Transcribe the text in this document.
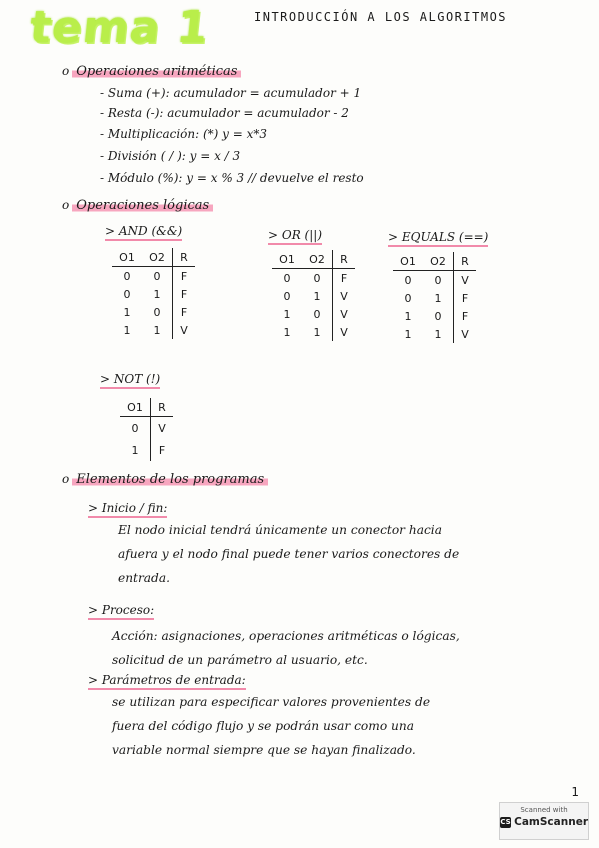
tema 1	INTRODUCCIÓN A LOS ALGORITMOS
o Operaciones aritméticas
- Suma (+): acumulador = acumulador + 1
- Resta (-): acumulador = acumulador - 2
- Multiplicación: (*) y = x*3
- División ( / ): y = x / 3
- Módulo (%): y = x % 3 // devuelve el resto
o Operaciones lógicas
> AND (&&)
O1	O2	R
0	0	F
0	1	F
1	0	F
1	1	V
> OR (||)
O1	O2	R
0	0	F
0	1	V
1	0	V
1	1	V
> EQUALS (==)
O1	O2	R
0	0	V
0	1	F
1	0	F
1	1	V
> NOT (!)
O1	R
0	V
1	F
o Elementos de los programas
> Inicio / fin:
El nodo inicial tendrá únicamente un conector hacia
afuera y el nodo final puede tener varios conectores de
entrada.
> Proceso:
Acción: asignaciones, operaciones aritméticas o lógicas,
solicitud de un parámetro al usuario, etc.
> Parámetros de entrada:
se utilizan para especificar valores provenientes de
fuera del código flujo y se podrán usar como una
variable normal siempre que se hayan finalizado.
1
Scanned with
CS CamScanner
